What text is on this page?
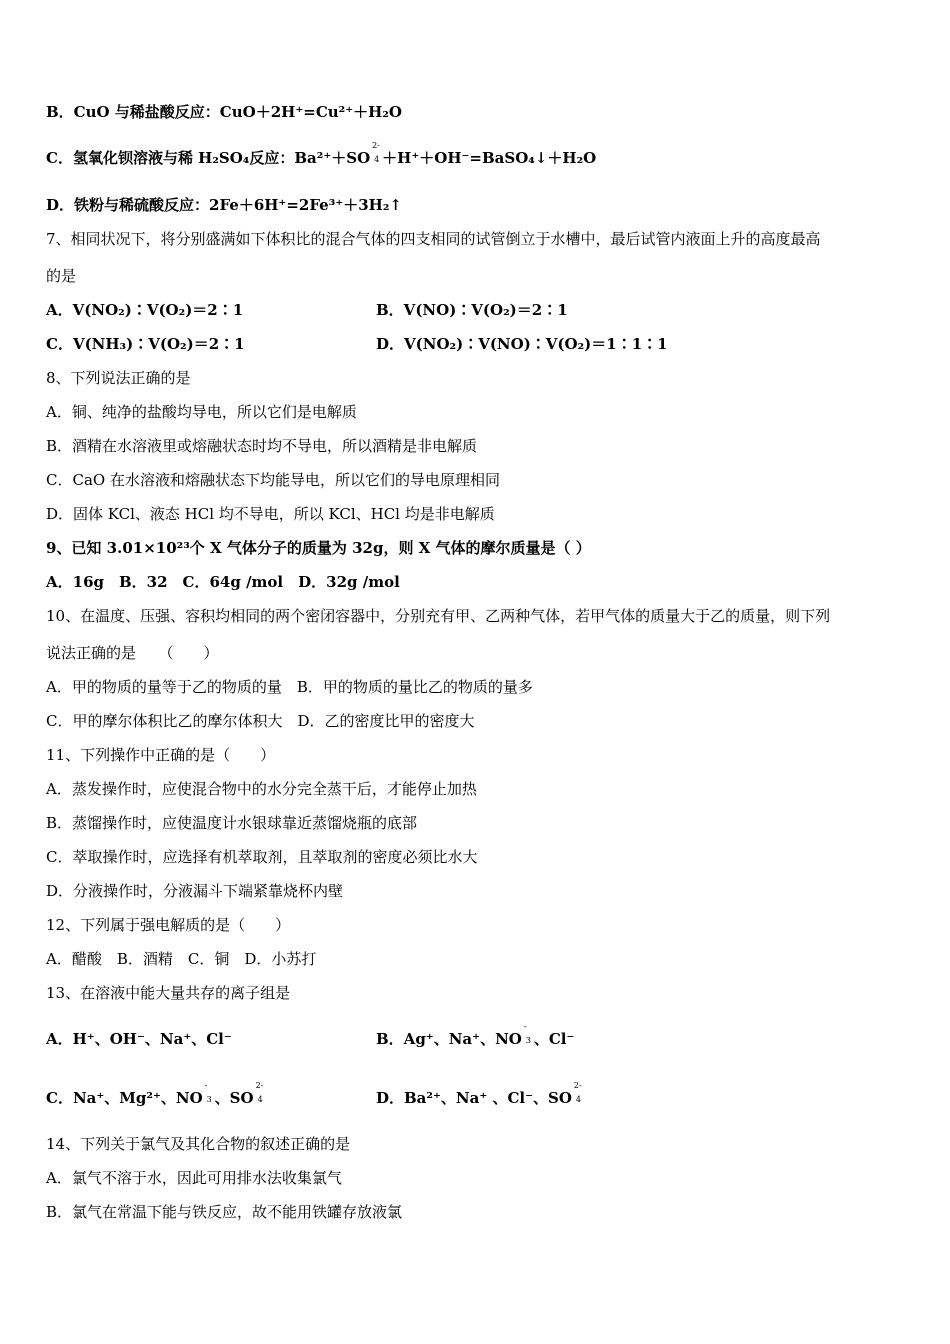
B．CuO 与稀盐酸反应：CuO＋2H⁺=Cu²⁺＋H₂O
C．氢氧化钡溶液与稀 H₂SO₄反应：Ba²⁺＋SO
2-
4 ＋H⁺＋OH⁻=BaSO₄↓＋H₂O
D．铁粉与稀硫酸反应：2Fe＋6H⁺=2Fe³⁺＋3H₂↑
7、相同状况下，将分别盛满如下体积比的混合气体的四支相同的试管倒立于水槽中，最后试管内液面上升的高度最高
的是
A．V(NO₂)∶V(O₂)＝2∶1	B．V(NO)∶V(O₂)＝2∶1
C．V(NH₃)∶V(O₂)＝2∶1	D．V(NO₂)∶V(NO)∶V(O₂)＝1∶1∶1
8、下列说法正确的是
A．铜、纯净的盐酸均导电，所以它们是电解质
B．酒精在水溶液里或熔融状态时均不导电，所以酒精是非电解质
C．CaO 在水溶液和熔融状态下均能导电，所以它们的导电原理相同
D．固体 KCl、液态 HCl 均不导电，所以 KCl、HCl 均是非电解质
9、已知 3.01×10²³个 X 气体分子的质量为 32g，则 X 气体的摩尔质量是（ ）
A．16g　B．32　C．64g /mol　D．32g /mol
10、在温度、压强、容积均相同的两个密闭容器中，分别充有甲、乙两种气体，若甲气体的质量大于乙的质量，则下列
说法正确的是　　（　　）
A．甲的物质的量等于乙的物质的量　B．甲的物质的量比乙的物质的量多
C．甲的摩尔体积比乙的摩尔体积大　D．乙的密度比甲的密度大
11、下列操作中正确的是（　　）
A．蒸发操作时，应使混合物中的水分完全蒸干后，才能停止加热
B．蒸馏操作时，应使温度计水银球靠近蒸馏烧瓶的底部
C．萃取操作时，应选择有机萃取剂，且萃取剂的密度必须比水大
D．分液操作时，分液漏斗下端紧靠烧杯内壁
12、下列属于强电解质的是（　　）
A．醋酸　B．酒精　C．铜　D．小苏打
13、在溶液中能大量共存的离子组是
A．H⁺、OH⁻、Na⁺、Cl⁻	B．Ag⁺、Na⁺、NO
-
3 、Cl⁻
C．Na⁺、Mg²⁺、NO
-
3 、SO
2-
4	D．Ba²⁺、Na⁺ 、Cl⁻、SO
2-
4
14、下列关于氯气及其化合物的叙述正确的是
A．氯气不溶于水，因此可用排水法收集氯气
B．氯气在常温下能与铁反应，故不能用铁罐存放液氯
